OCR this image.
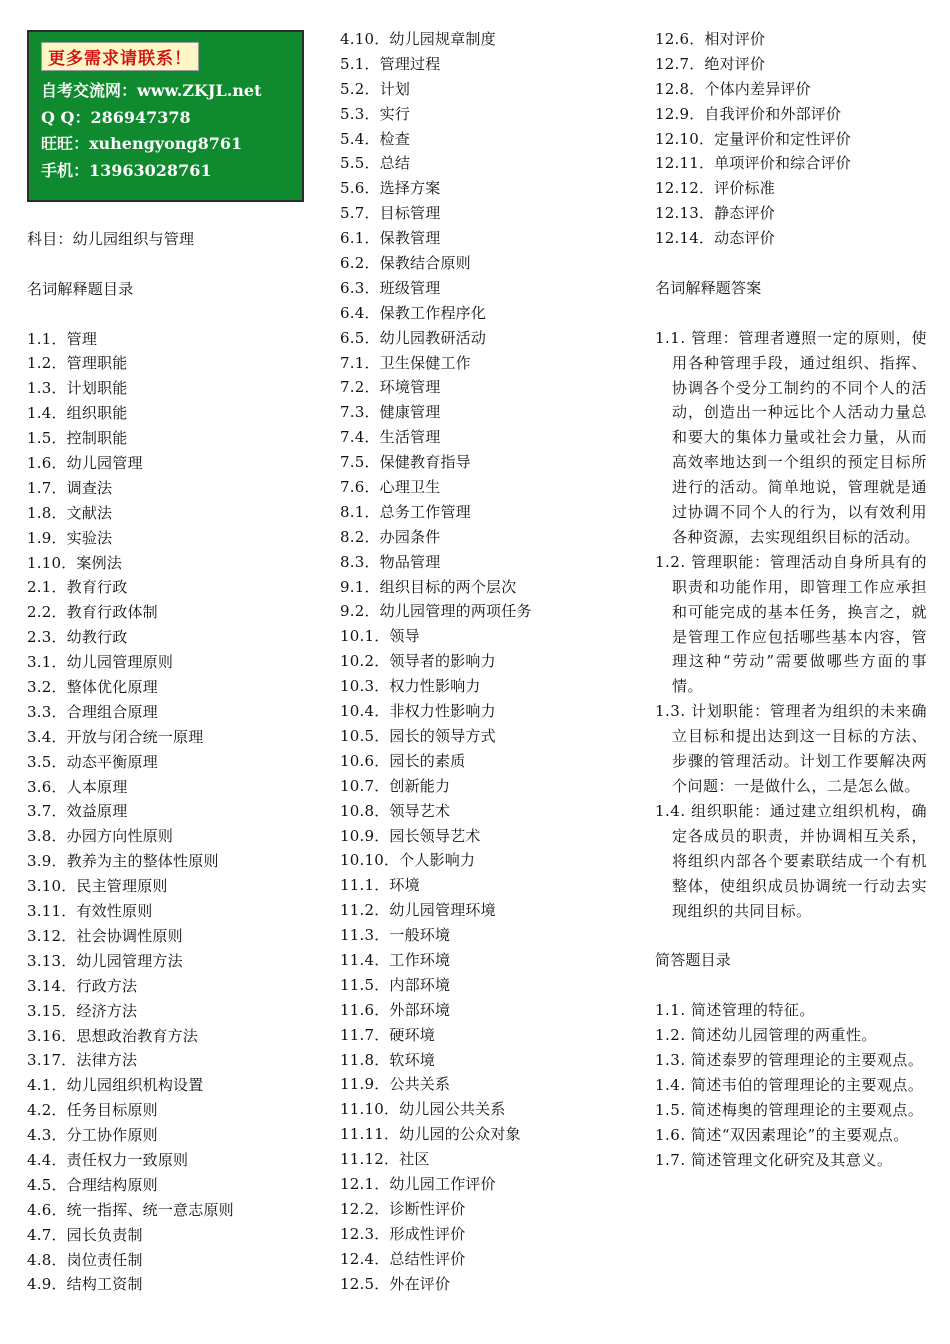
更多需求请联系！
自考交流网：www.ZKJL.net
Q Q：286947378
旺旺：xuhengyong8761
手机：13963028761
科目：幼儿园组织与管理
名词解释题目录
1.1．管理
1.2．管理职能
1.3．计划职能
1.4．组织职能
1.5．控制职能
1.6．幼儿园管理
1.7．调查法
1.8．文献法
1.9．实验法
1.10．案例法
2.1．教育行政
2.2．教育行政体制
2.3．幼教行政
3.1．幼儿园管理原则
3.2．整体优化原理
3.3．合理组合原理
3.4．开放与闭合统一原理
3.5．动态平衡原理
3.6．人本原理
3.7．效益原理
3.8．办园方向性原则
3.9．教养为主的整体性原则
3.10．民主管理原则
3.11．有效性原则
3.12．社会协调性原则
3.13．幼儿园管理方法
3.14．行政方法
3.15．经济方法
3.16．思想政治教育方法
3.17．法律方法
4.1．幼儿园组织机构设置
4.2．任务目标原则
4.3．分工协作原则
4.4．责任权力一致原则
4.5．合理结构原则
4.6．统一指挥、统一意志原则
4.7．园长负责制
4.8．岗位责任制
4.9．结构工资制
4.10．幼儿园规章制度
5.1．管理过程
5.2．计划
5.3．实行
5.4．检查
5.5．总结
5.6．选择方案
5.7．目标管理
6.1．保教管理
6.2．保教结合原则
6.3．班级管理
6.4．保教工作程序化
6.5．幼儿园教研活动
7.1．卫生保健工作
7.2．环境管理
7.3．健康管理
7.4．生活管理
7.5．保健教育指导
7.6．心理卫生
8.1．总务工作管理
8.2．办园条件
8.3．物品管理
9.1．组织目标的两个层次
9.2．幼儿园管理的两项任务
10.1．领导
10.2．领导者的影响力
10.3．权力性影响力
10.4．非权力性影响力
10.5．园长的领导方式
10.6．园长的素质
10.7．创新能力
10.8．领导艺术
10.9．园长领导艺术
10.10．个人影响力
11.1．环境
11.2．幼儿园管理环境
11.3．一般环境
11.4．工作环境
11.5．内部环境
11.6．外部环境
11.7．硬环境
11.8．软环境
11.9．公共关系
11.10．幼儿园公共关系
11.11．幼儿园的公众对象
11.12．社区
12.1．幼儿园工作评价
12.2．诊断性评价
12.3．形成性评价
12.4．总结性评价
12.5．外在评价
12.6．相对评价
12.7．绝对评价
12.8．个体内差异评价
12.9．自我评价和外部评价
12.10．定量评价和定性评价
12.11．单项评价和综合评价
12.12．评价标准
12.13．静态评价
12.14．动态评价
名词解释题答案
1.1. 管理：管理者遵照一定的原则，使用各种管理手段，通过组织、指挥、协调各个受分工制约的不同个人的活动，创造出一种远比个人活动力量总和要大的集体力量或社会力量，从而高效率地达到一个组织的预定目标所进行的活动。简单地说，管理就是通过协调不同个人的行为，以有效利用各种资源，去实现组织目标的活动。
1.2. 管理职能：管理活动自身所具有的职责和功能作用，即管理工作应承担和可能完成的基本任务，换言之，就是管理工作应包括哪些基本内容，管理这种“劳动”需要做哪些方面的事情。
1.3. 计划职能：管理者为组织的未来确立目标和提出达到这一目标的方法、步骤的管理活动。计划工作要解决两个问题：一是做什么，二是怎么做。
1.4. 组织职能：通过建立组织机构，确定各成员的职责，并协调相互关系，将组织内部各个要素联结成一个有机整体，使组织成员协调统一行动去实现组织的共同目标。
简答题目录
1.1. 简述管理的特征。
1.2. 简述幼儿园管理的两重性。
1.3. 简述泰罗的管理理论的主要观点。
1.4. 简述韦伯的管理理论的主要观点。
1.5. 简述梅奥的管理理论的主要观点。
1.6. 简述“双因素理论”的主要观点。
1.7. 简述管理文化研究及其意义。
